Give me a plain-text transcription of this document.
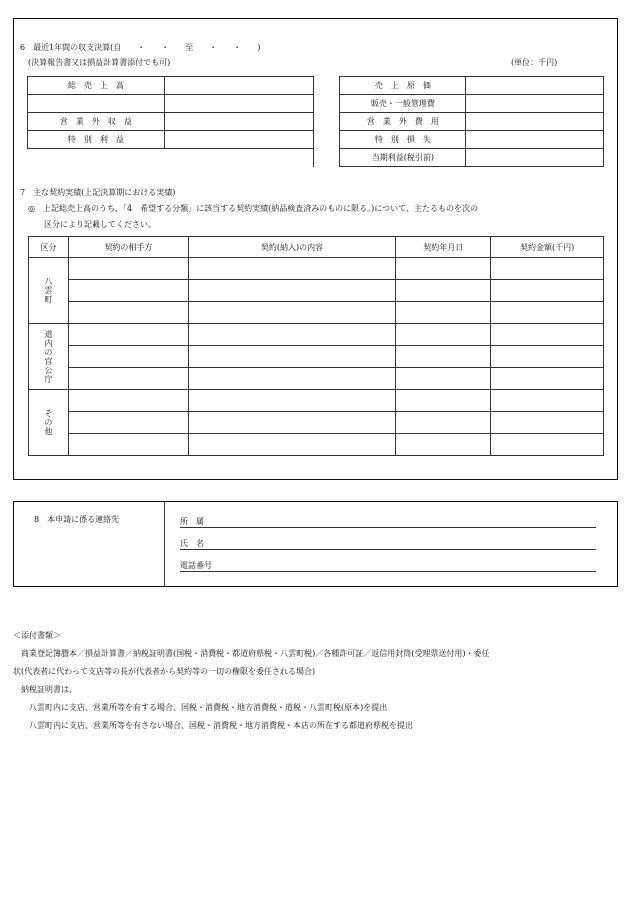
6　最近1年間の収支決算(自　　・　　・　　至　　・　　・　　)
(決算報告書又は損益計算書添付でも可)	(単位：千円)
総　売　上　高			売　上　原　価	
			販売・一般管理費	
営　業　外　収　益			営　業　外　費　用	
特　別　利　益			特　別　損　失	
			当期利益(税引前)	
7　主な契約実績(上記決算期における実績)
◎　上記総売上高のうち、「4　希望する分類」に該当する契約実績(納品検査済みのものに限る。)について、主たるものを次の
区分により記載してください。
区分	契約の相手方	契約(納入)の内容	契約年月日	契約金額(千円)

八雲町				

道内の官公庁				

その他				

8　本申請に係る連絡先	所　属
氏　名
電話番号
＜添付書類＞
商業登記簿謄本／損益計算書／納税証明書(国税・消費税・都道府県税・八雲町税)／各種許可証／返信用封筒(受理票送付用)・委任
状(代表者に代わって支店等の長が代表者から契約等の一切の権限を委任される場合)
納税証明書は、
八雲町内に支店、営業所等を有する場合、国税・消費税・地方消費税・道税・八雲町税(原本)を提出
八雲町内に支店、営業所等を有さない場合、国税・消費税・地方消費税・本店の所在する都道府県税を提出
